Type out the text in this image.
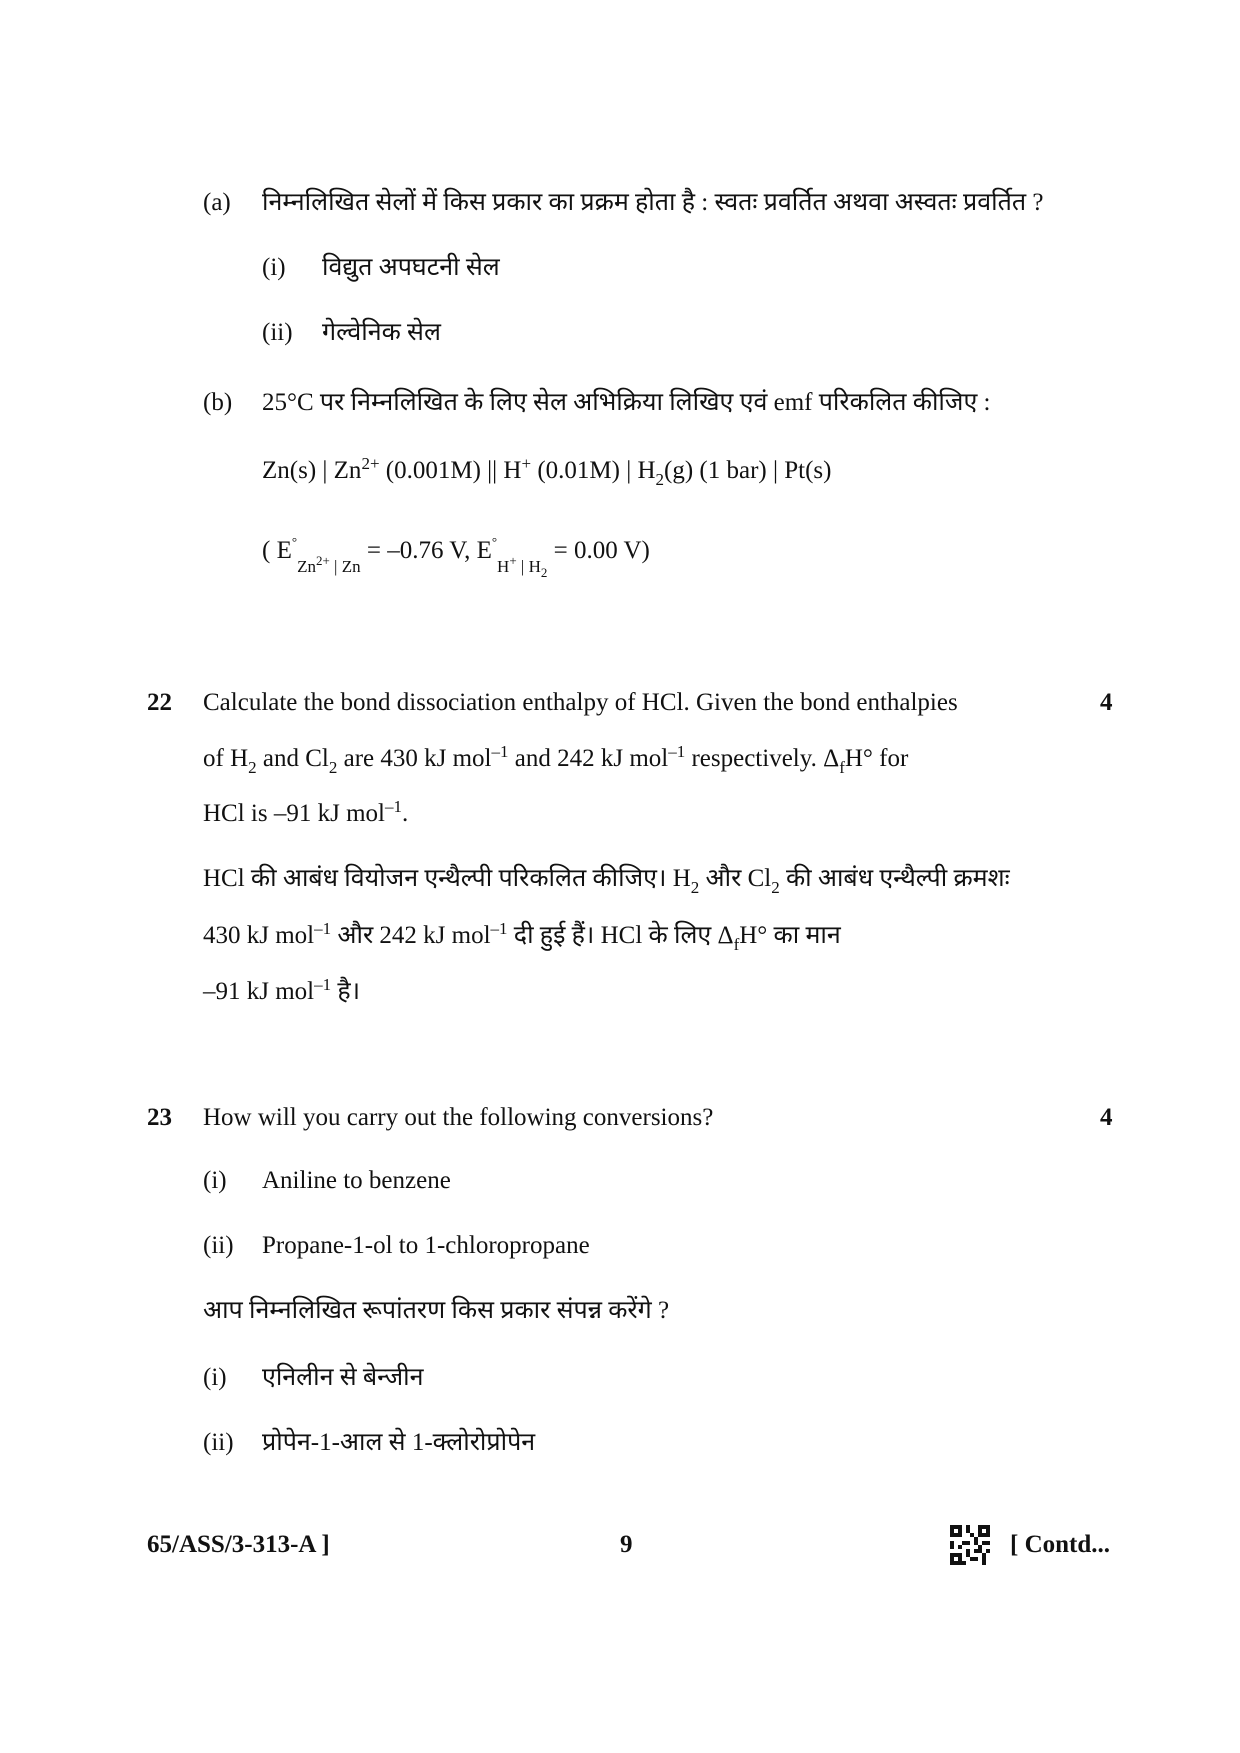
(a) निम्नलिखित सेलों में किस प्रकार का प्रक्रम होता है : स्वतः प्रवर्तित अथवा अस्वतः प्रवर्तित ?
(i) विद्युत अपघटनी सेल
(ii) गेल्वेनिक सेल
(b) 25°C पर निम्नलिखित के लिए सेल अभिक्रिया लिखिए एवं emf परिकलित कीजिए :
Zn(s) | $Zn^{2+}$ (0.001M) || H+ (0.01M) | $H_2(g)$ (1 bar) | Pt(s)
( $E^\circ_{Zn^{2+} | Zn} = -0.76$ V, $E^\circ_{H^+ | H_2} = 0.00$ V)
22	4
Calculate the bond dissociation enthalpy of HCl. Given the bond enthalpies
of $H_2$ and $Cl_2$ are 430 kJ mol$^{-1}$ and 242 kJ mol$^{-1}$ respectively. $\Delta_fH^\circ$ for
HCl is –91 kJ mol$^{-1}$.
HCl की आबंध वियोजन एन्थैल्पी परिकलित कीजिए। $H_2$ और $Cl_2$ की आबंध एन्थैल्पी क्रमशः
430 kJ mol$^{-1}$ और 242 kJ mol$^{-1}$ दी हुई हैं। HCl के लिए $\Delta_fH^\circ$ का मान
–91 kJ mol$^{-1}$ है।
23	4
How will you carry out the following conversions?
(i) Aniline to benzene
(ii) Propane-1-ol to 1-chloropropane
आप निम्नलिखित रूपांतरण किस प्रकार संपन्न करेंगे ?
(i) एनिलीन से बेन्जीन
(ii) प्रोपेन-1-आल से 1-क्लोरोप्रोपेन
65/ASS/3-313-A ]	9	[ Contd...
